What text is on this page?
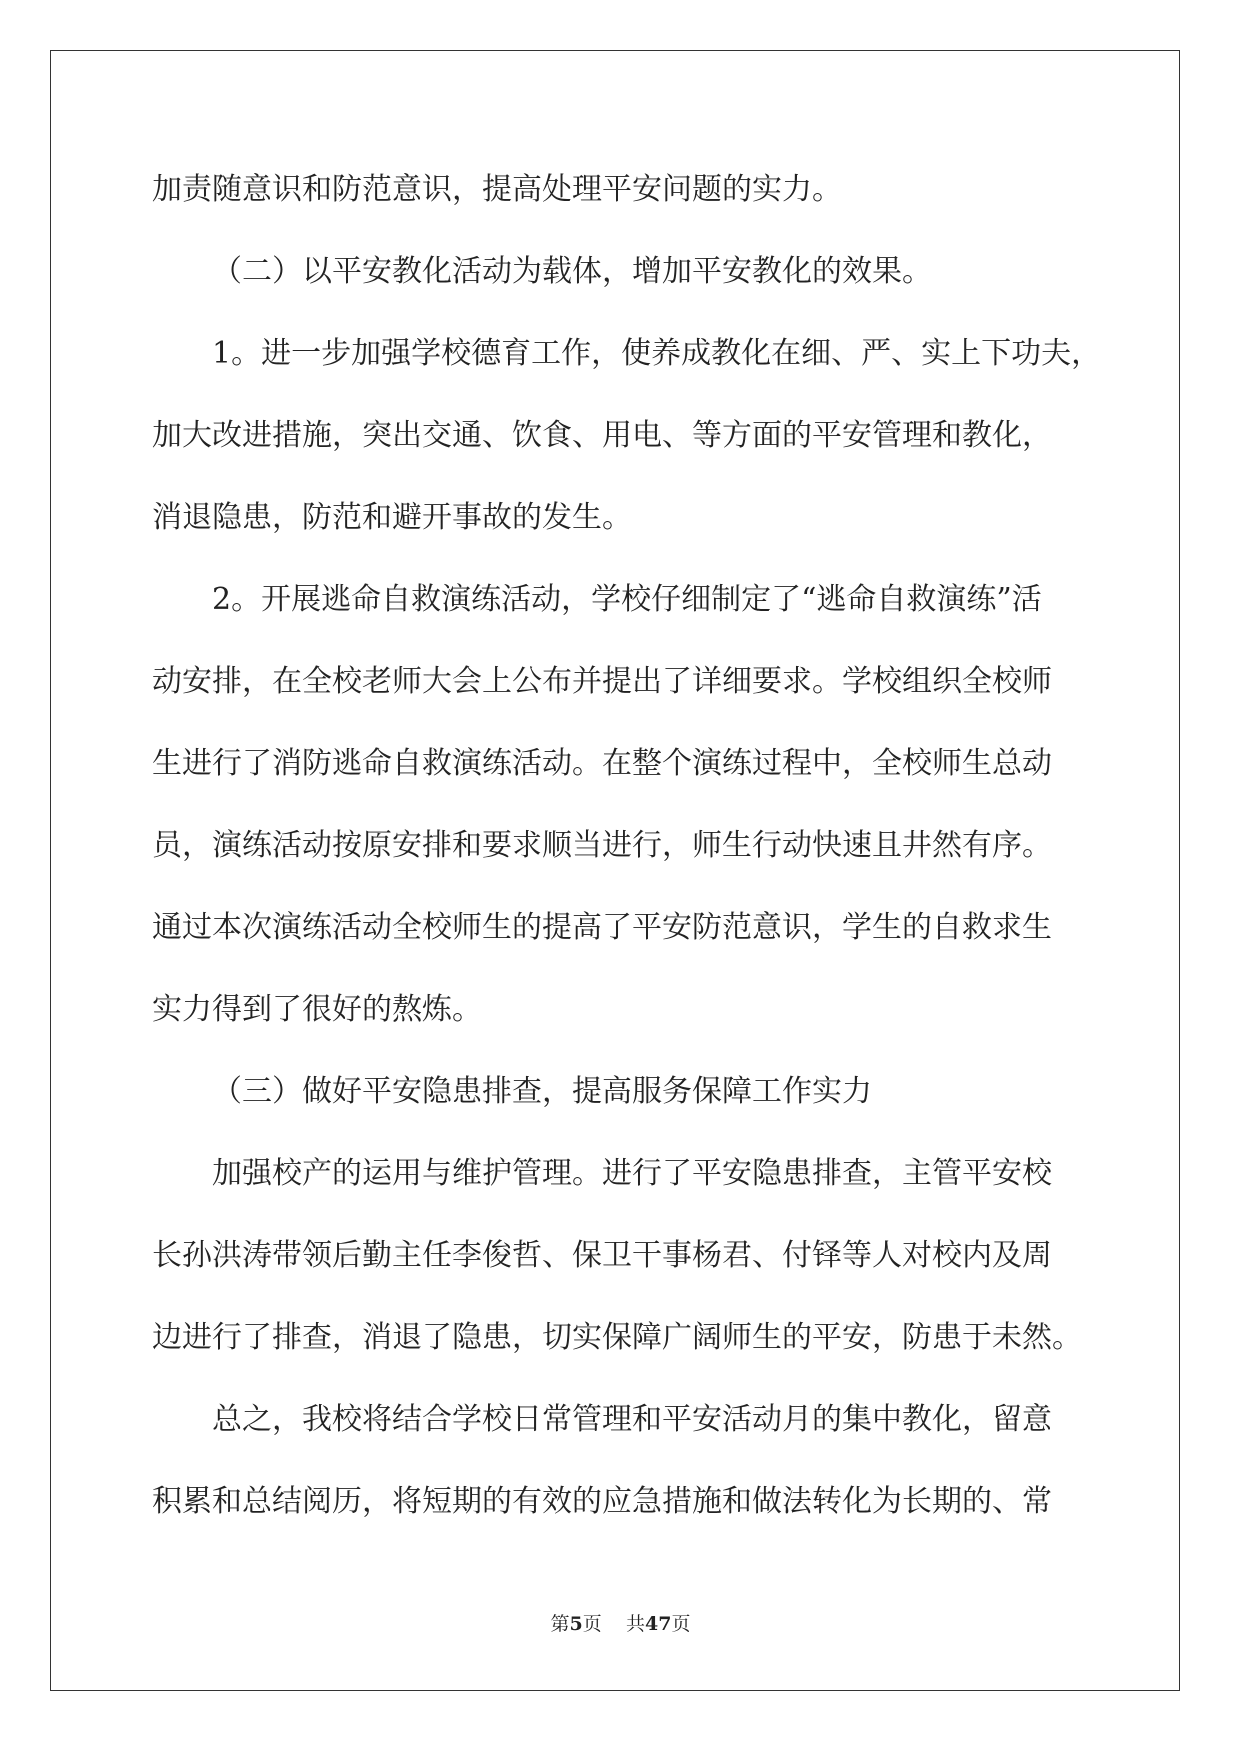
加责随意识和防范意识，提高处理平安问题的实力。
（二）以平安教化活动为载体，增加平安教化的效果。
1。进一步加强学校德育工作，使养成教化在细、严、实上下功夫，
加大改进措施，突出交通、饮食、用电、等方面的平安管理和教化，
消退隐患，防范和避开事故的发生。
2。开展逃命自救演练活动，学校仔细制定了“逃命自救演练”活
动安排，在全校老师大会上公布并提出了详细要求。学校组织全校师
生进行了消防逃命自救演练活动。在整个演练过程中，全校师生总动
员，演练活动按原安排和要求顺当进行，师生行动快速且井然有序。
通过本次演练活动全校师生的提高了平安防范意识，学生的自救求生
实力得到了很好的熬炼。
（三）做好平安隐患排查，提高服务保障工作实力
加强校产的运用与维护管理。进行了平安隐患排查，主管平安校
长孙洪涛带领后勤主任李俊哲、保卫干事杨君、付铎等人对校内及周
边进行了排查，消退了隐患，切实保障广阔师生的平安，防患于未然。
总之，我校将结合学校日常管理和平安活动月的集中教化，留意
积累和总结阅历，将短期的有效的应急措施和做法转化为长期的、常
第5页 共47页
